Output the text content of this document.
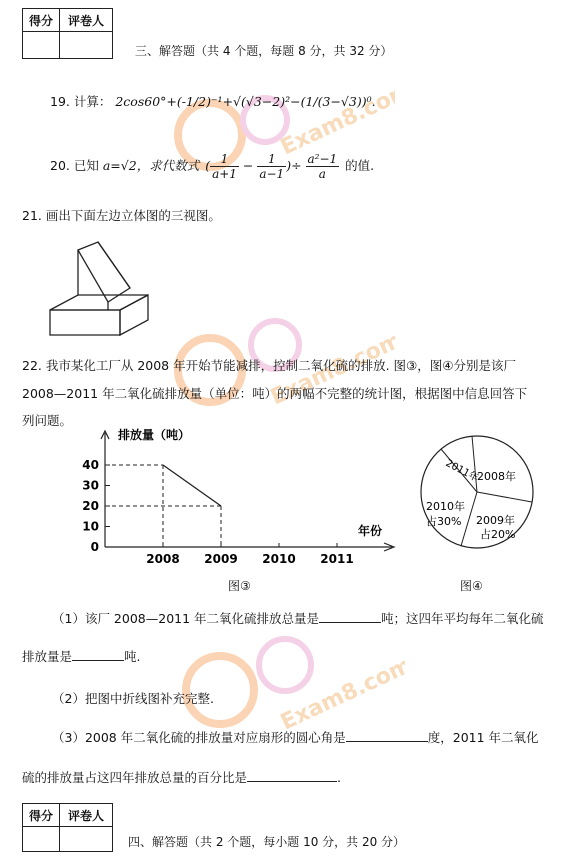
Exam8.com
Exam8.com
Exam8.com
得分	评卷人

三、解答题（共 4 个题，每题 8 分，共 32 分）
19. 计算： 2cos60°+(-1/2)⁻¹+√(√3−2)²−(1/(3−√3))⁰.
20. 已知 a=√2，求代数式 ( $\frac{1}{a+1} - \frac{1}{a-1}$ )÷ $\frac{\text{a²−1}}{a}$ 的值.
21. 画出下面左边立体图的三视图。
22. 我市某化工厂从 2008 年开始节能减排，控制二氧化硫的排放. 图③，图④分别是该厂
2008—2011 年二氧化硫排放量（单位：吨）的两幅不完整的统计图，根据图中信息回答下
列问题。
排放量（吨）
年份
0
10
20
30
40
2008 2009 2010 2011
图③
2008年
2009年
占20%
2010年
占30%
2011年
图④
（1）该厂 2008—2011 年二氧化硫排放总量是	吨；这四年平均每年二氧化硫
排放量是	吨.
（2）把图中折线图补充完整.
（3）2008 年二氧化硫的排放量对应扇形的圆心角是	度，2011 年二氧化
硫的排放量占这四年排放总量的百分比是	.
得分	评卷人

四、解答题（共 2 个题，每小题 10 分，共 20 分）
